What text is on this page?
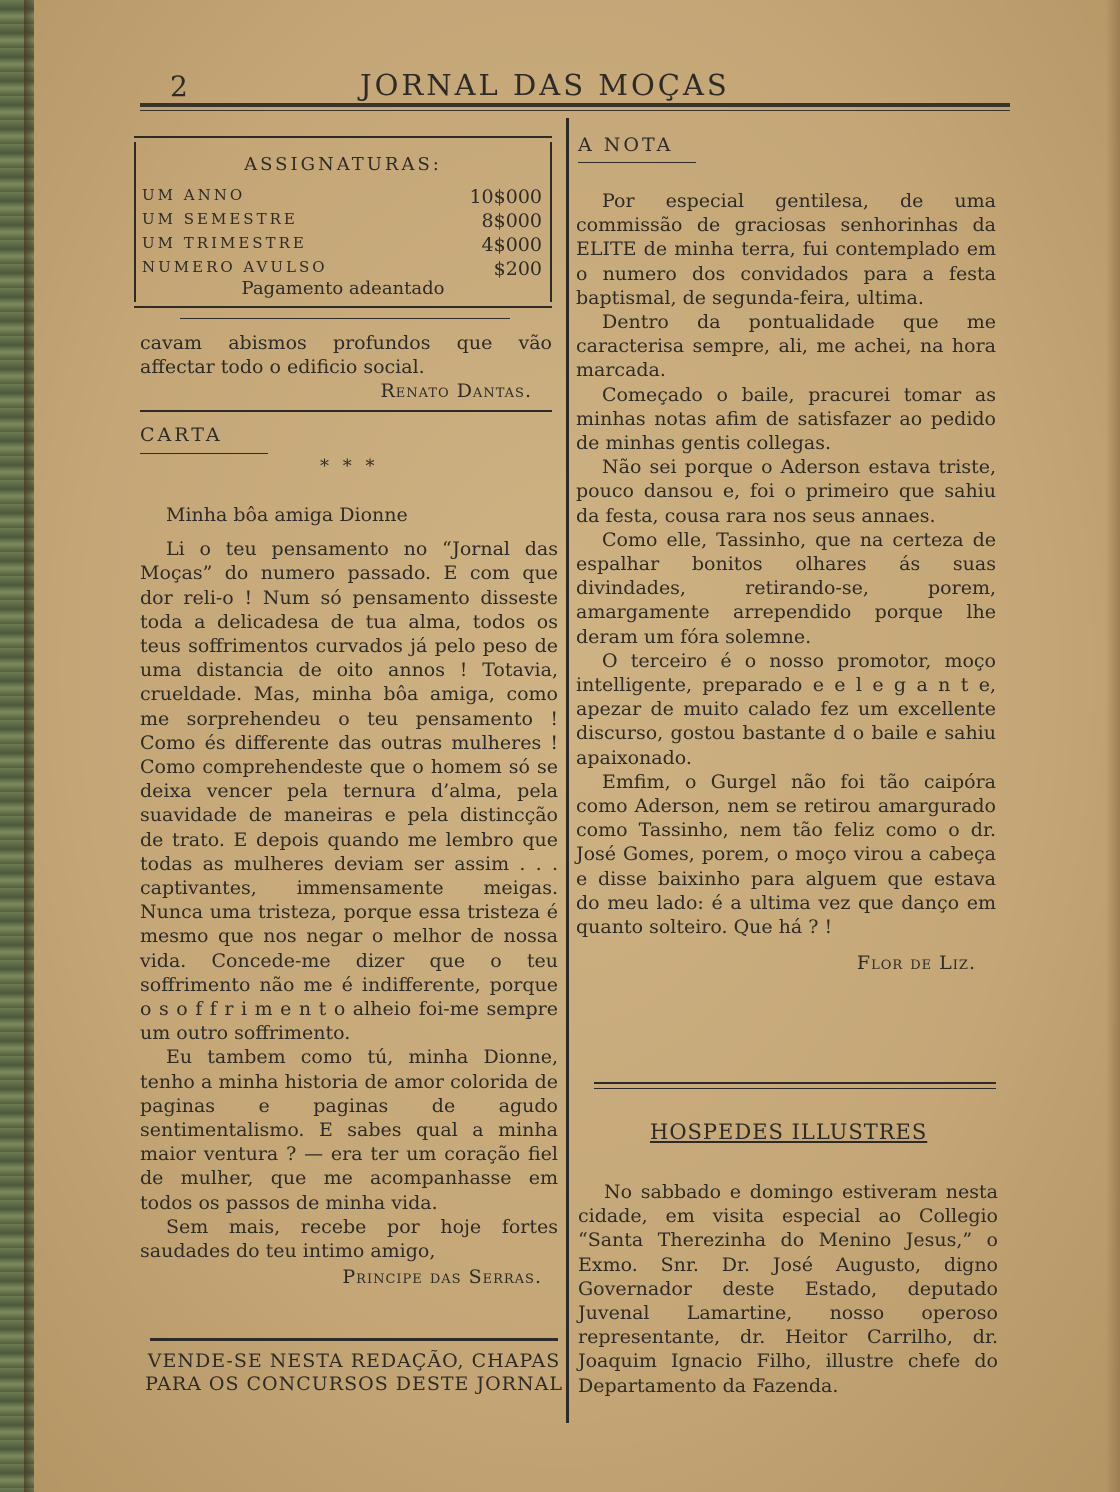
2	JORNAL DAS MOÇAS
ASSIGNATURAS:
UM ANNO	10$000
UM SEMESTRE	8$000
UM TRIMESTRE	4$000
NUMERO AVULSO	$200
Pagamento adeantado

cavam abismos profundos que vão affectar todo o edificio social.

Renato Dantas.

CARTA
* * *

Minha bôa amiga Dionne

Li o teu pensamento no “Jornal das Moças” do numero passado. E com que dor reli-o ! Num só pensamento disseste toda a delicadesa de tua alma, todos os teus soffrimentos curvados já pelo peso de uma distancia de oito annos ! Totavia, crueldade. Mas, minha bôa amiga, como me sorprehendeu o teu pensamento ! Como és differente das outras mulheres ! Como comprehendeste que o homem só se deixa vencer pela ternura d’alma, pela suavidade de maneiras e pela distincção de trato. E depois quando me lembro que todas as mulheres deviam ser assim . . . captivantes, immensamente meigas. Nunca uma tristeza, porque essa tristeza é mesmo que nos negar o melhor de nossa vida. Concede-me dizer que o teu soffrimento não me é indifferente, porque o s o f f r i m e n t o alheio foi-me sempre um outro soffrimento.

Eu tambem como tú, minha Dionne, tenho a minha historia de amor colorida de paginas e paginas de agudo sentimentalismo. E sabes qual a minha maior ventura ? — era ter um coração fiel de mulher, que me acompanhasse em todos os passos de minha vida.

Sem mais, recebe por hoje fortes saudades do teu intimo amigo,

Principe das Serras.

VENDE-SE NESTA REDAÇÃO, CHAPAS PARA OS CONCURSOS DESTE JORNAL
A NOTA

Por especial gentilesa, de uma commissão de graciosas senhorinhas da ELITE de minha terra, fui contemplado em o numero dos convidados para a festa baptismal, de segunda-feira, ultima.

Dentro da pontualidade que me caracterisa sempre, ali, me achei, na hora marcada.

Começado o baile, pracurei tomar as minhas notas afim de satisfazer ao pedido de minhas gentis collegas.

Não sei porque o Aderson estava triste, pouco dansou e, foi o primeiro que sahiu da festa, cousa rara nos seus annaes.

Como elle, Tassinho, que na certeza de espalhar bonitos olhares ás suas divindades, retirando-se, porem, amargamente arrependido porque lhe deram um fóra solemne.

O terceiro é o nosso promotor, moço intelligente, preparado e e l e g a n t e, apezar de muito calado fez um excellente discurso, gostou bastante d o baile e sahiu apaixonado.

Emfim, o Gurgel não foi tão caipóra como Aderson, nem se retirou amargurado como Tassinho, nem tão feliz como o dr. José Gomes, porem, o moço virou a cabeça e disse baixinho para alguem que estava do meu lado: é a ultima vez que danço em quanto solteiro. Que há ? !

Flor de Liz.

HOSPEDES ILLUSTRES

No sabbado e domingo estiveram nesta cidade, em visita especial ao Collegio “Santa Therezinha do Menino Jesus,” o Exmo. Snr. Dr. José Augusto, digno Governador deste Estado, deputado Juvenal Lamartine, nosso operoso representante, dr. Heitor Carrilho, dr. Joaquim Ignacio Filho, illustre chefe do Departamento da Fazenda.
